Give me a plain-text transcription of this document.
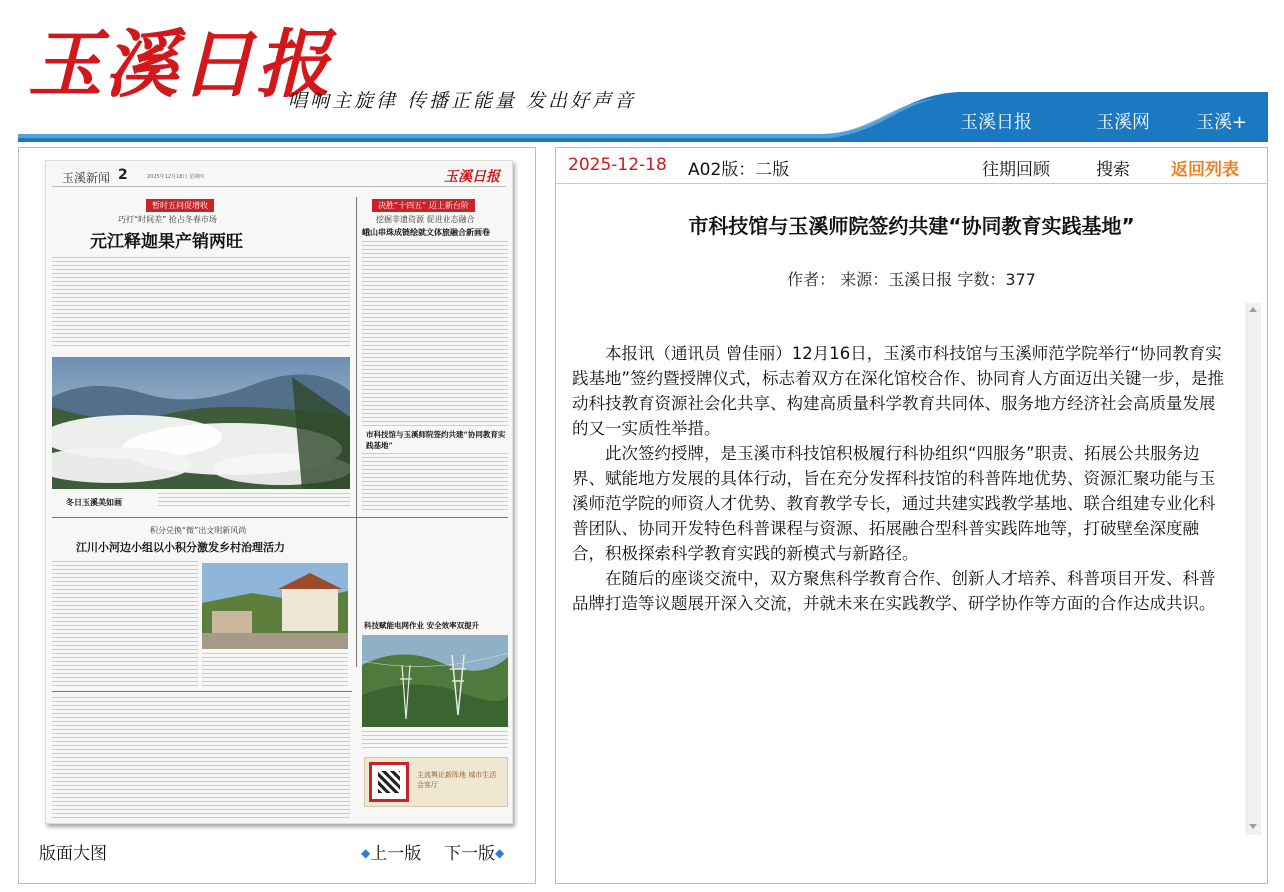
玉溪日报
唱响主旋律 传播正能量 发出好声音
玉溪日报	玉溪网	玉溪+
玉溪新闻 2	2025年12月18日 星期四	玉溪日报
暂时五问促增收
巧打“时间差” 抢占冬春市场
元江释迦果产销两旺
决胜“十四五” 迈上新台阶
挖掘非遗资源 促进业态融合
峨山串珠成链绘就文体旅融合新画卷
冬日玉溪美如画
市科技馆与玉溪师院签约共建“协同教育实践基地”
积分兑换“微”出文明新风尚
江川小河边小组以小积分激发乡村治理活力
科技赋能电网作业 安全效率双提升
主流舆论新阵地 城市生活会客厅
版面大图	◆上一版 下一版◆
2025-12-18 A02版：二版	往期回顾	搜索 返回列表
市科技馆与玉溪师院签约共建“协同教育实践基地”
作者： 来源：玉溪日报 字数：377

本报讯（通讯员 曾佳丽）12月16日，玉溪市科技馆与玉溪师范学院举行“协同教育实践基地”签约暨授牌仪式，标志着双方在深化馆校合作、协同育人方面迈出关键一步，是推动科技教育资源社会化共享、构建高质量科学教育共同体、服务地方经济社会高质量发展的又一实质性举措。

此次签约授牌，是玉溪市科技馆积极履行科协组织“四服务”职责、拓展公共服务边界、赋能地方发展的具体行动，旨在充分发挥科技馆的科普阵地优势、资源汇聚功能与玉溪师范学院的师资人才优势、教育教学专长，通过共建实践教学基地、联合组建专业化科普团队、协同开发特色科普课程与资源、拓展融合型科普实践阵地等，打破壁垒深度融合，积极探索科学教育实践的新模式与新路径。

在随后的座谈交流中，双方聚焦科学教育合作、创新人才培养、科普项目开发、科普品牌打造等议题展开深入交流，并就未来在实践教学、研学协作等方面的合作达成共识。
